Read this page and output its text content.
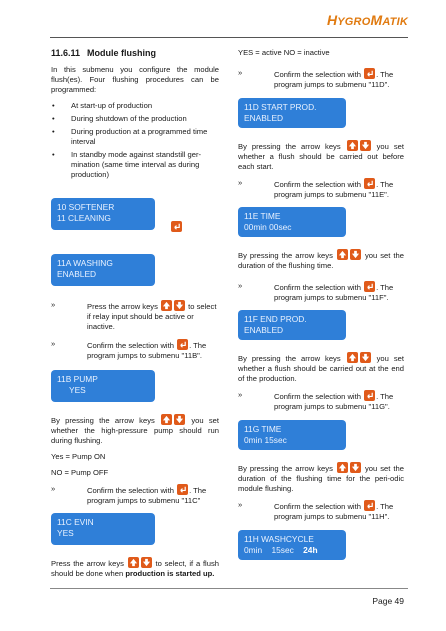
HYGROMATIK
11.6.11 Module flushing

In this submenu you configure the module flush(es). Four flushing procedures can be programmed:

• At start-up of production
• During shutdown of the production
• During production at a programmed time interval
• In standby mode against standstill ger-mination (same time interval as during production)
10 SOFTENER
11 CLEANING
11A WASHING
ENABLED
»	Press the arrow keys	to select if relay input should be active or inactive.
»	Confirm the selection with . The program jumps to submenu "11B".
11B PUMP
YES

By pressing the arrow keys	you set whether the high-pressure pump should run during flushing.

Yes = Pump ON

NO = Pump OFF

»	Confirm the selection with . The program jumps to submenu "11C"
11C EVIN
YES

Press the arrow keys	to select, if a flush should be done when production is started up.

YES = active NO = inactive

»	Confirm the selection with . The program jumps to submenu "11D".
11D START PROD.
ENABLED

By pressing the arrow keys	you set whether a flush should be carried out before each start.

»	Confirm the selection with . The program jumps to submenu "11E".
11E TIME
00min 00sec

By pressing the arrow keys	you set the duration of the flushing time.

»	Confirm the selection with . The program jumps to submenu "11F".
11F END PROD.
ENABLED

By pressing the arrow keys	you set whether a flush should be carried out at the end of the production.

»	Confirm the selection with . The program jumps to submenu "11G".
11G TIME
0min 15sec

By pressing the arrow keys	you set the duration of the flushing time for the peri-odic module flushing.

»	Confirm the selection with . The program jumps to submenu "11H".
11H WASHCYCLE
0min 15sec 24h
Page 49
